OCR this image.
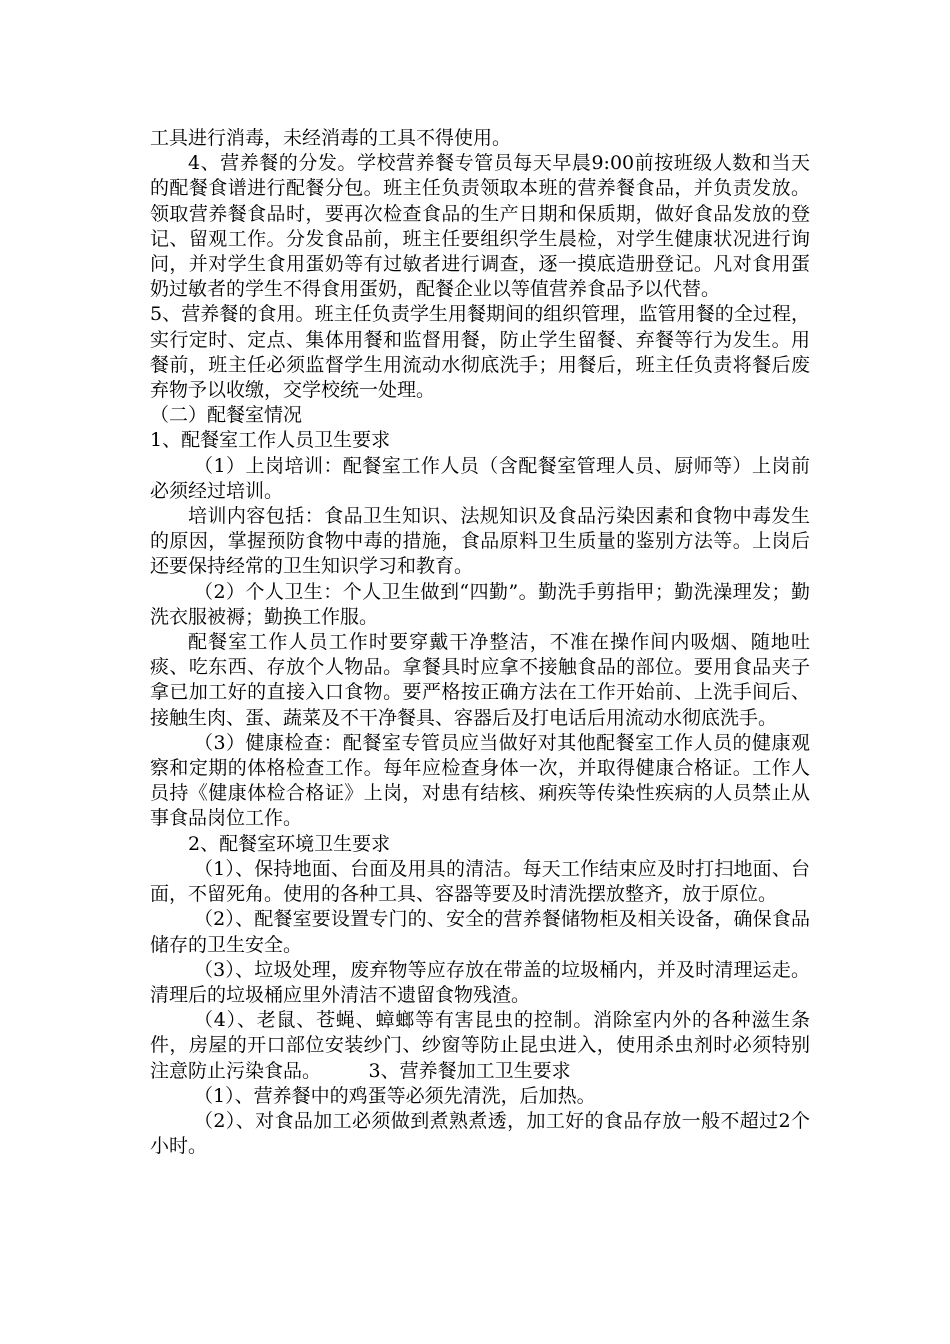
工具进行消毒，未经消毒的工具不得使用。

4、营养餐的分发。学校营养餐专管员每天早晨9:00前按班级人数和当天的配餐食谱进行配餐分包。班主任负责领取本班的营养餐食品，并负责发放。领取营养餐食品时，要再次检查食品的生产日期和保质期，做好食品发放的登记、留观工作。分发食品前，班主任要组织学生晨检，对学生健康状况进行询问，并对学生食用蛋奶等有过敏者进行调查，逐一摸底造册登记。凡对食用蛋奶过敏者的学生不得食用蛋奶，配餐企业以等值营养食品予以代替。

5、营养餐的食用。班主任负责学生用餐期间的组织管理，监管用餐的全过程，实行定时、定点、集体用餐和监督用餐，防止学生留餐、弃餐等行为发生。用餐前，班主任必须监督学生用流动水彻底洗手；用餐后，班主任负责将餐后废弃物予以收缴，交学校统一处理。

（二）配餐室情况

1、配餐室工作人员卫生要求

（1）上岗培训：配餐室工作人员（含配餐室管理人员、厨师等）上岗前必须经过培训。

培训内容包括：食品卫生知识、法规知识及食品污染因素和食物中毒发生的原因，掌握预防食物中毒的措施，食品原料卫生质量的鉴别方法等。上岗后还要保持经常的卫生知识学习和教育。

（2）个人卫生：个人卫生做到“四勤”。勤洗手剪指甲；勤洗澡理发；勤洗衣服被褥；勤换工作服。

配餐室工作人员工作时要穿戴干净整洁，不准在操作间内吸烟、随地吐痰、吃东西、存放个人物品。拿餐具时应拿不接触食品的部位。要用食品夹子拿已加工好的直接入口食物。要严格按正确方法在工作开始前、上洗手间后、接触生肉、蛋、蔬菜及不干净餐具、容器后及打电话后用流动水彻底洗手。

（3）健康检查：配餐室专管员应当做好对其他配餐室工作人员的健康观察和定期的体格检查工作。每年应检查身体一次，并取得健康合格证。工作人员持《健康体检合格证》上岗，对患有结核、痢疾等传染性疾病的人员禁止从事食品岗位工作。

2、配餐室环境卫生要求

（1）、保持地面、台面及用具的清洁。每天工作结束应及时打扫地面、台面，不留死角。使用的各种工具、容器等要及时清洗摆放整齐，放于原位。

（2）、配餐室要设置专门的、安全的营养餐储物柜及相关设备，确保食品储存的卫生安全。

（3）、垃圾处理，废弃物等应存放在带盖的垃圾桶内，并及时清理运走。清理后的垃圾桶应里外清洁不遗留食物残渣。

（4）、老鼠、苍蝇、蟑螂等有害昆虫的控制。消除室内外的各种滋生条件，房屋的开口部位安装纱门、纱窗等防止昆虫进入，使用杀虫剂时必须特别注意防止污染食品。　　　3、营养餐加工卫生要求

（1）、营养餐中的鸡蛋等必须先清洗，后加热。

（2）、对食品加工必须做到煮熟煮透，加工好的食品存放一般不超过2个小时。
